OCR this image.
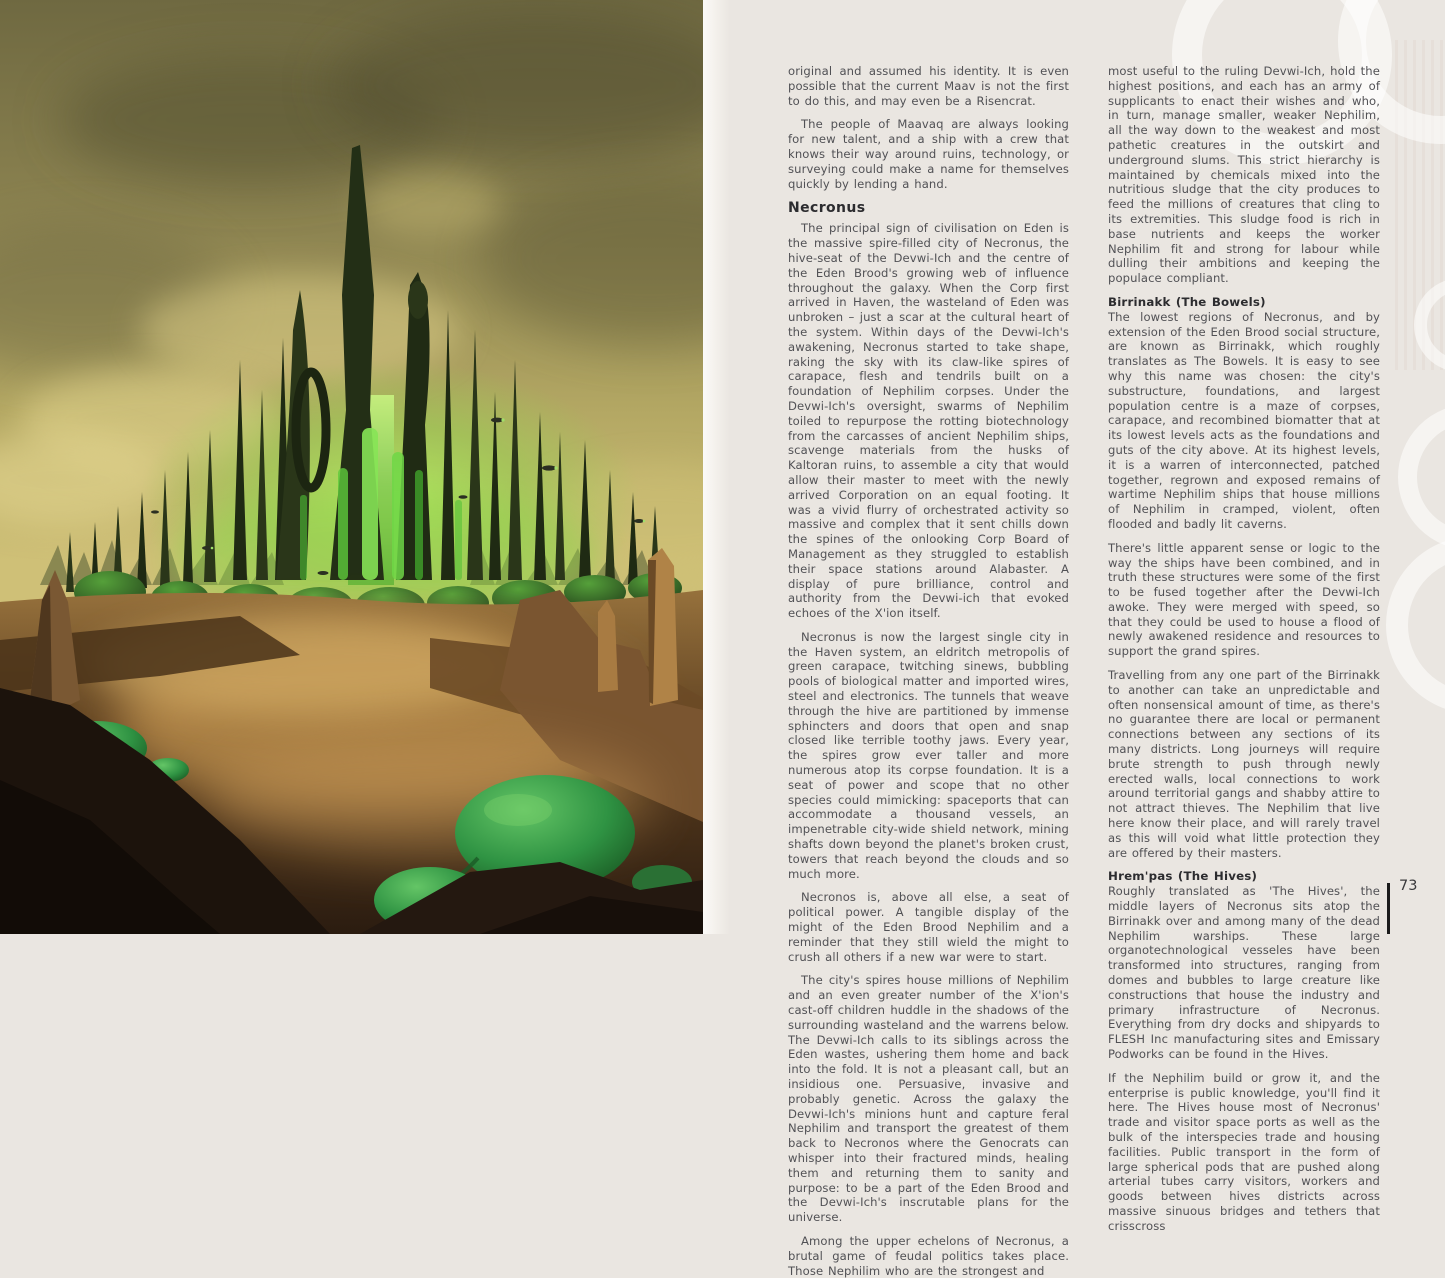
original and assumed his identity. It is even possible that the current Maav is not the first to do this, and may even be a Risencrat.

The people of Maavaq are always looking for new talent, and a ship with a crew that knows their way around ruins, technology, or surveying could make a name for themselves quickly by lending a hand.

Necronus

The principal sign of civilisation on Eden is the massive spire-filled city of Necronus, the hive-seat of the Devwi-Ich and the centre of the Eden Brood's growing web of influence throughout the galaxy. When the Corp first arrived in Haven, the wasteland of Eden was unbroken – just a scar at the cultural heart of the system. Within days of the Devwi-Ich's awakening, Necronus started to take shape, raking the sky with its claw-like spires of carapace, flesh and tendrils built on a foundation of Nephilim corpses. Under the Devwi-Ich's oversight, swarms of Nephilim toiled to repurpose the rotting biotechnology from the carcasses of ancient Nephilim ships, scavenge materials from the husks of Kaltoran ruins, to assemble a city that would allow their master to meet with the newly arrived Corporation on an equal footing. It was a vivid flurry of orchestrated activity so massive and complex that it sent chills down the spines of the onlooking Corp Board of Management as they struggled to establish their space stations around Alabaster. A display of pure brilliance, control and authority from the Devwi-ich that evoked echoes of the X'ion itself.

Necronus is now the largest single city in the Haven system, an eldritch metropolis of green carapace, twitching sinews, bubbling pools of biological matter and imported wires, steel and electronics. The tunnels that weave through the hive are partitioned by immense sphincters and doors that open and snap closed like terrible toothy jaws. Every year, the spires grow ever taller and more numerous atop its corpse foundation. It is a seat of power and scope that no other species could mimicking: spaceports that can accommodate a thousand vessels, an impenetrable city-wide shield network, mining shafts down beyond the planet's broken crust, towers that reach beyond the clouds and so much more.

Necronos is, above all else, a seat of political power. A tangible display of the might of the Eden Brood Nephilim and a reminder that they still wield the might to crush all others if a new war were to start.

The city's spires house millions of Nephilim and an even greater number of the X'ion's cast-off children huddle in the shadows of the surrounding wasteland and the warrens below. The Devwi-Ich calls to its siblings across the Eden wastes, ushering them home and back into the fold. It is not a pleasant call, but an insidious one. Persuasive, invasive and probably genetic. Across the galaxy the Devwi-Ich's minions hunt and capture feral Nephilim and transport the greatest of them back to Necronos where the Genocrats can whisper into their fractured minds, healing them and returning them to sanity and purpose: to be a part of the Eden Brood and the Devwi-Ich's inscrutable plans for the universe.

Among the upper echelons of Necronus, a brutal game of feudal politics takes place. Those Nephilim who are the strongest and

most useful to the ruling Devwi-Ich, hold the highest positions, and each has an army of supplicants to enact their wishes and who, in turn, manage smaller, weaker Nephilim, all the way down to the weakest and most pathetic creatures in the outskirt and underground slums. This strict hierarchy is maintained by chemicals mixed into the nutritious sludge that the city produces to feed the millions of creatures that cling to its extremities. This sludge food is rich in base nutrients and keeps the worker Nephilim fit and strong for labour while dulling their ambitions and keeping the populace compliant.

Birrinakk (The Bowels)

The lowest regions of Necronus, and by extension of the Eden Brood social structure, are known as Birrinakk, which roughly translates as The Bowels. It is easy to see why this name was chosen: the city's substructure, foundations, and largest population centre is a maze of corpses, carapace, and recombined biomatter that at its lowest levels acts as the foundations and guts of the city above. At its highest levels, it is a warren of interconnected, patched together, regrown and exposed remains of wartime Nephilim ships that house millions of Nephilim in cramped, violent, often flooded and badly lit caverns.

There's little apparent sense or logic to the way the ships have been combined, and in truth these structures were some of the first to be fused together after the Devwi-Ich awoke. They were merged with speed, so that they could be used to house a flood of newly awakened residence and resources to support the grand spires.

Travelling from any one part of the Birrinakk to another can take an unpredictable and often nonsensical amount of time, as there's no guarantee there are local or permanent connections between any sections of its many districts. Long journeys will require brute strength to push through newly erected walls, local connections to work around territorial gangs and shabby attire to not attract thieves. The Nephilim that live here know their place, and will rarely travel as this will void what little protection they are offered by their masters.

Hrem'pas (The Hives)

Roughly translated as 'The Hives', the middle layers of Necronus sits atop the Birrinakk over and among many of the dead Nephilim warships. These large organotechnological vesseles have been transformed into structures, ranging from domes and bubbles to large creature like constructions that house the industry and primary infrastructure of Necronus. Everything from dry docks and shipyards to FLESH Inc manufacturing sites and Emissary Podworks can be found in the Hives.

If the Nephilim build or grow it, and the enterprise is public knowledge, you'll find it here. The Hives house most of Necronus' trade and visitor space ports as well as the bulk of the interspecies trade and housing facilities. Public transport in the form of large spherical pods that are pushed along arterial tubes carry visitors, workers and goods between hives districts across massive sinuous bridges and tethers that crisscross

73
